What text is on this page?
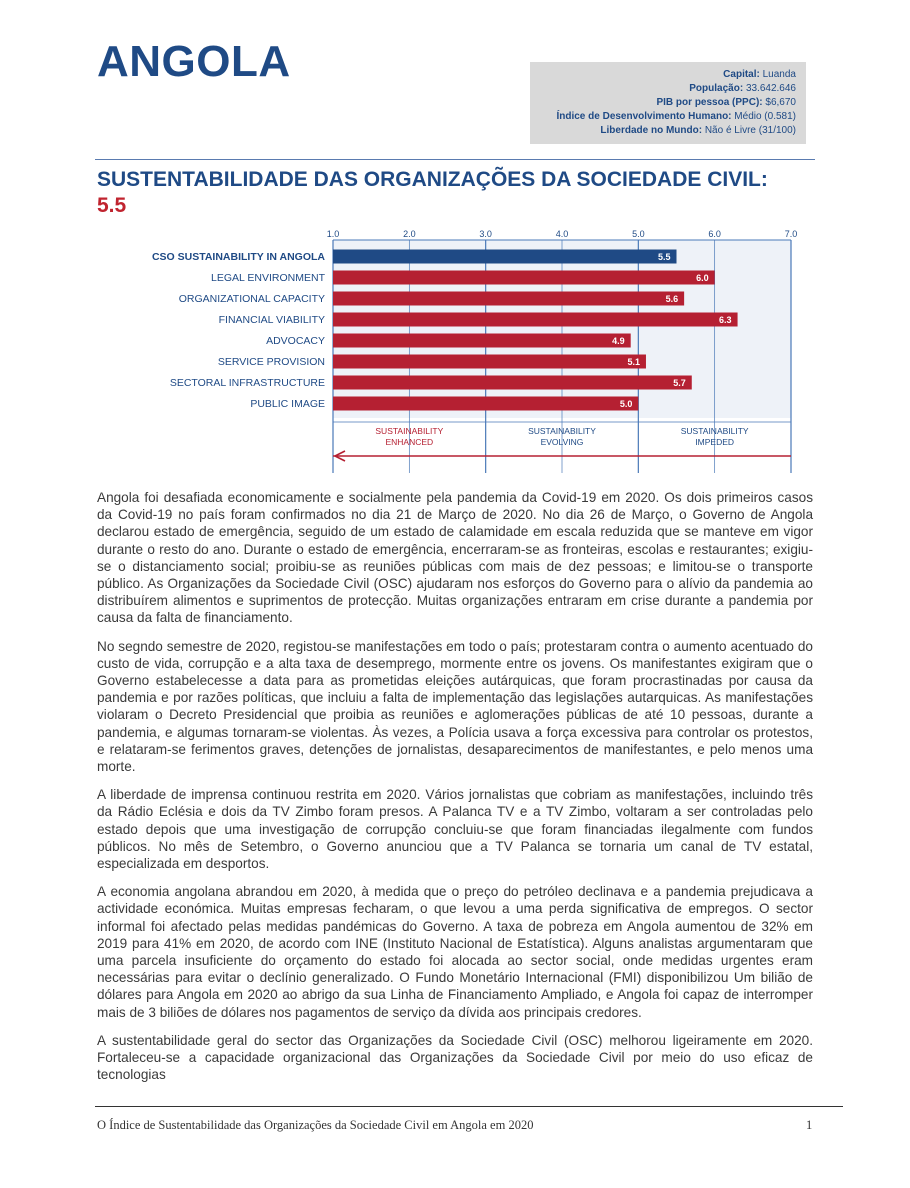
ANGOLA	Capital: Luanda
População: 33.642.646
PIB por pessoa (PPC): $6,670
Índice de Desenvolvimento Humano: Médio (0.581)
Liberdade no Mundo: Não é Livre (31/100)
SUSTENTABILIDADE DAS ORGANIZAÇÕES DA SOCIEDADE CIVIL:
5.5
1.0	2.0	3.0	4.0	5.0	6.0	7.0
5.5
CSO SUSTAINABILITY IN ANGOLA
6.0
LEGAL ENVIRONMENT
5.6
ORGANIZATIONAL CAPACITY
6.3
FINANCIAL VIABILITY
4.9
ADVOCACY
5.1
SERVICE PROVISION
5.7
SECTORAL INFRASTRUCTURE
5.0
PUBLIC IMAGE
SUSTAINABILITY
ENHANCED
SUSTAINABILITY
EVOLVING
SUSTAINABILITY
IMPEDED

Angola foi desafiada economicamente e socialmente pela pandemia da Covid-19 em 2020. Os dois primeiros casos da Covid-19 no país foram confirmados no dia 21 de Março de 2020. No dia 26 de Março, o Governo de Angola declarou estado de emergência, seguido de um estado de calamidade em escala reduzida que se manteve em vigor durante o resto do ano. Durante o estado de emergência, encerraram-se as fronteiras, escolas e restaurantes; exigiu-se o distanciamento social; proibiu-se as reuniões públicas com mais de dez pessoas; e limitou-se o transporte público. As Organizações da Sociedade Civil (OSC) ajudaram nos esforços do Governo para o alívio da pandemia ao distribuírem alimentos e suprimentos de protecção. Muitas organizações entraram em crise durante a pandemia por causa da falta de financiamento.

No segndo semestre de 2020, registou-se manifestações em todo o país; protestaram contra o aumento acentuado do custo de vida, corrupção e a alta taxa de desemprego, mormente entre os jovens. Os manifestantes exigiram que o Governo estabelecesse a data para as prometidas eleições autárquicas, que foram procrastinadas por causa da pandemia e por razões políticas, que incluiu a falta de implementação das legislações autarquicas. As manifestações violaram o Decreto Presidencial que proibia as reuniões e aglomerações públicas de até 10 pessoas, durante a pandemia, e algumas tornaram-se violentas. Às vezes, a Polícia usava a força excessiva para controlar os protestos, e relataram-se ferimentos graves, detenções de jornalistas, desaparecimentos de manifestantes, e pelo menos uma morte.

A liberdade de imprensa continuou restrita em 2020. Vários jornalistas que cobriam as manifestações, incluindo três da Rádio Eclésia e dois da TV Zimbo foram presos. A Palanca TV e a TV Zimbo, voltaram a ser controladas pelo estado depois que uma investigação de corrupção concluiu-se que foram financiadas ilegalmente com fundos públicos. No mês de Setembro, o Governo anunciou que a TV Palanca se tornaria um canal de TV estatal, especializada em desportos.

A economia angolana abrandou em 2020, à medida que o preço do petróleo declinava e a pandemia prejudicava a actividade económica. Muitas empresas fecharam, o que levou a uma perda significativa de empregos. O sector informal foi afectado pelas medidas pandémicas do Governo. A taxa de pobreza em Angola aumentou de 32% em 2019 para 41% em 2020, de acordo com INE (Instituto Nacional de Estatística). Alguns analistas argumentaram que uma parcela insuficiente do orçamento do estado foi alocada ao sector social, onde medidas urgentes eram necessárias para evitar o declínio generalizado. O Fundo Monetário Internacional (FMI) disponibilizou Um bilião de dólares para Angola em 2020 ao abrigo da sua Linha de Financiamento Ampliado, e Angola foi capaz de interromper mais de 3 biliões de dólares nos pagamentos de serviço da dívida aos principais credores.

A sustentabilidade geral do sector das Organizações da Sociedade Civil (OSC) melhorou ligeiramente em 2020. Fortaleceu-se a capacidade organizacional das Organizações da Sociedade Civil por meio do uso eficaz de tecnologias

O Índice de Sustentabilidade das Organizações da Sociedade Civil em Angola em 2020	1
